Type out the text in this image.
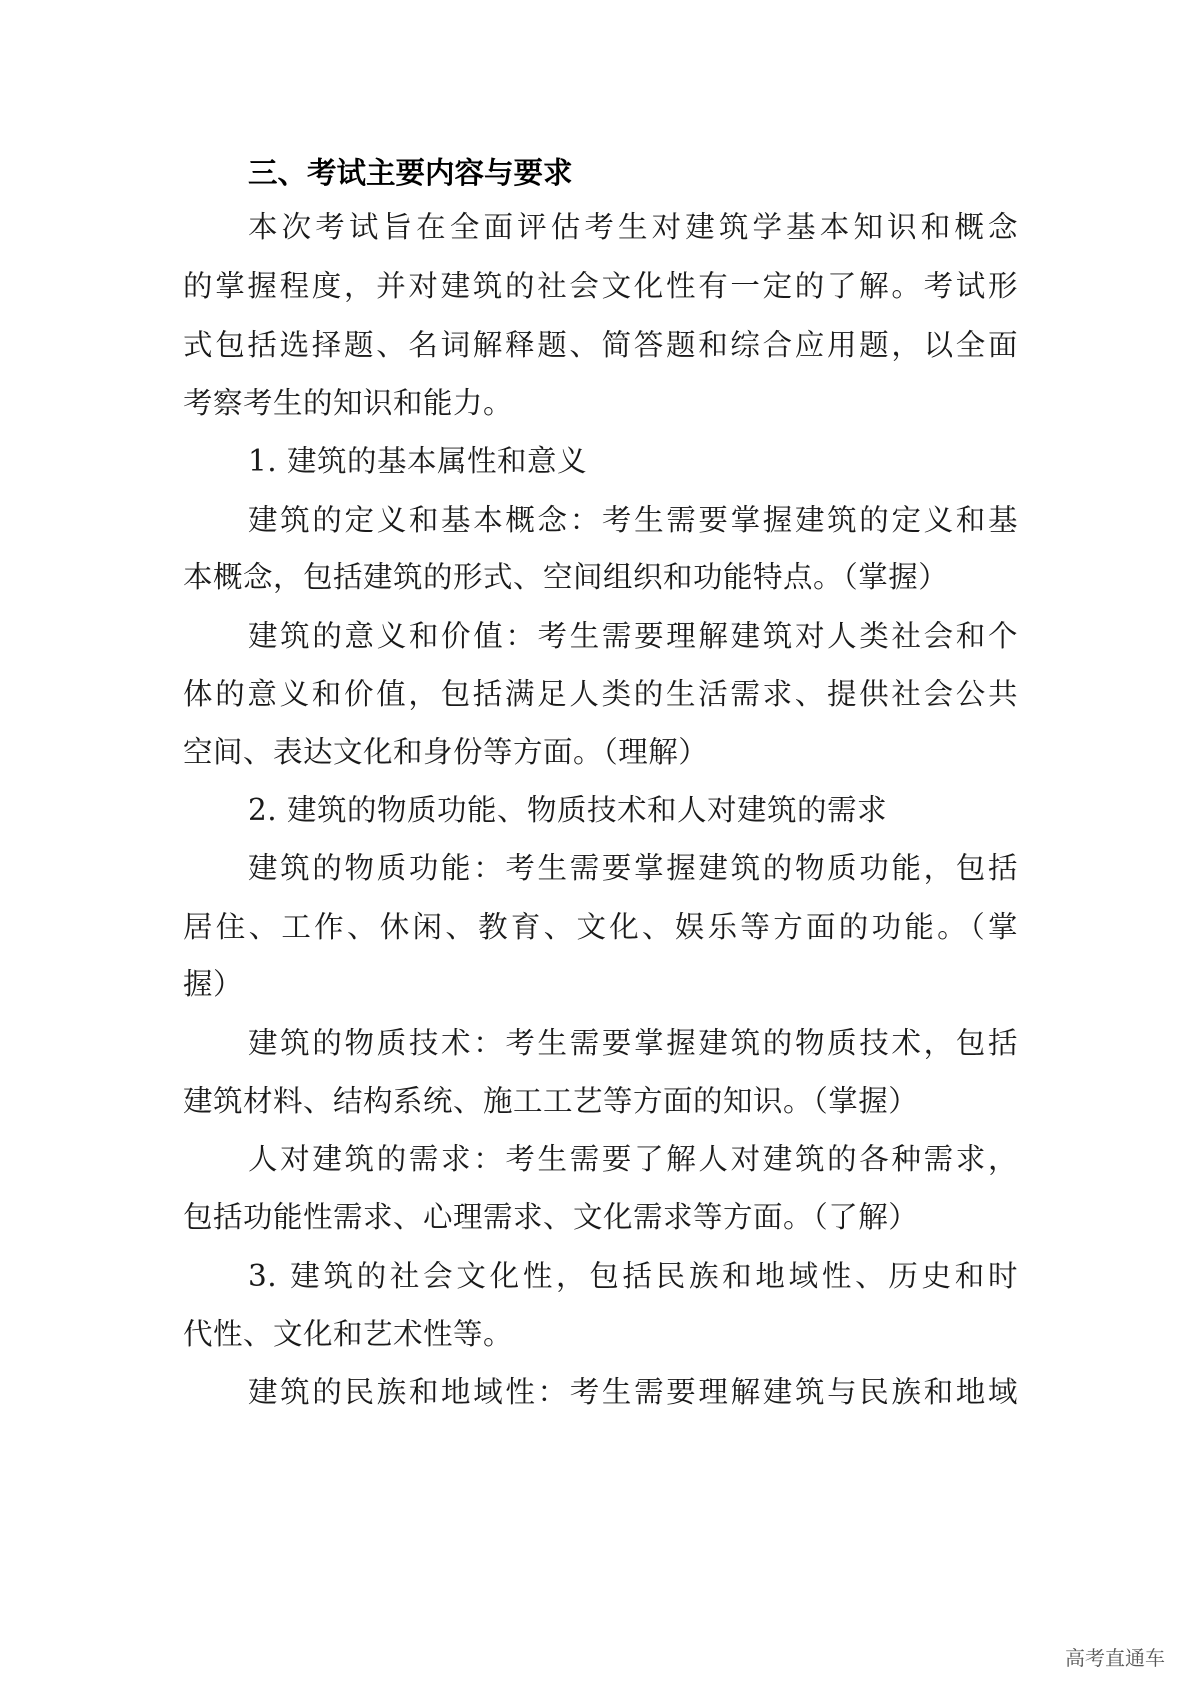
三、考试主要内容与要求

本次考试旨在全面评估考生对建筑学基本知识和概念

的掌握程度，并对建筑的社会文化性有一定的了解。考试形

式包括选择题、名词解释题、简答题和综合应用题，以全面

考察考生的知识和能力。

1. 建筑的基本属性和意义

建筑的定义和基本概念：考生需要掌握建筑的定义和基

本概念，包括建筑的形式、空间组织和功能特点。（掌握）

建筑的意义和价值：考生需要理解建筑对人类社会和个

体的意义和价值，包括满足人类的生活需求、提供社会公共

空间、表达文化和身份等方面。（理解）

2. 建筑的物质功能、物质技术和人对建筑的需求

建筑的物质功能：考生需要掌握建筑的物质功能，包括

居住、工作、休闲、教育、文化、娱乐等方面的功能。（掌

握）

建筑的物质技术：考生需要掌握建筑的物质技术，包括

建筑材料、结构系统、施工工艺等方面的知识。（掌握）

人对建筑的需求：考生需要了解人对建筑的各种需求，

包括功能性需求、心理需求、文化需求等方面。（了解）

3. 建筑的社会文化性，包括民族和地域性、历史和时

代性、文化和艺术性等。

建筑的民族和地域性：考生需要理解建筑与民族和地域

高考直通车
